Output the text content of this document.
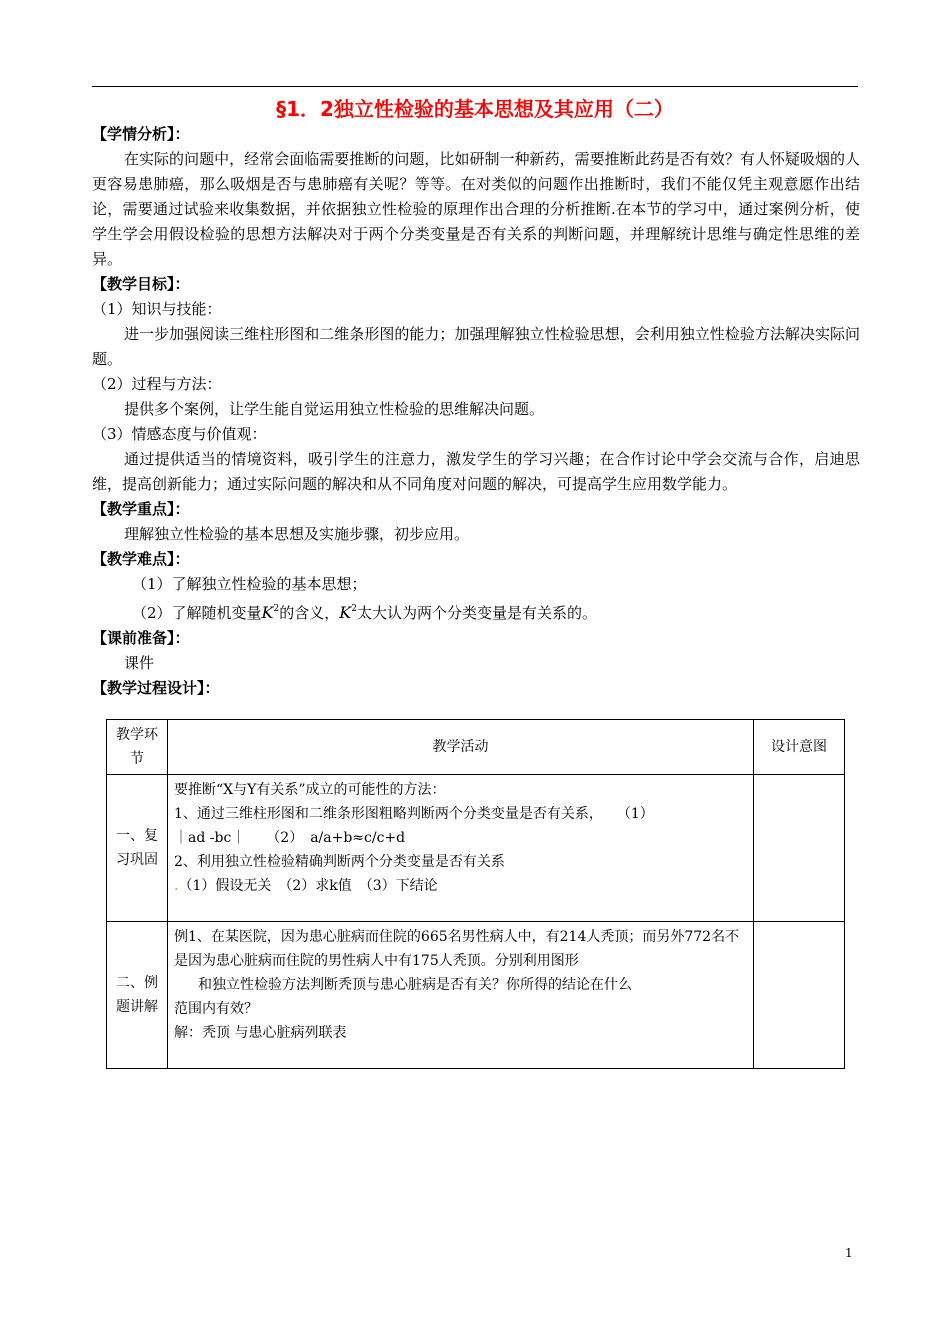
§1．2独立性检验的基本思想及其应用（二）

【学情分析】：

在实际的问题中，经常会面临需要推断的问题，比如研制一种新药，需要推断此药是否有效？有人怀疑吸烟的人更容易患肺癌，那么吸烟是否与患肺癌有关呢？等等。在对类似的问题作出推断时，我们不能仅凭主观意愿作出结论，需要通过试验来收集数据，并依据独立性检验的原理作出合理的分析推断.在本节的学习中，通过案例分析，使学生学会用假设检验的思想方法解决对于两个分类变量是否有关系的判断问题，并理解统计思维与确定性思维的差异。

【教学目标】：

（1）知识与技能：

进一步加强阅读三维柱形图和二维条形图的能力；加强理解独立性检验思想，会利用独立性检验方法解决实际问题。

（2）过程与方法：

提供多个案例，让学生能自觉运用独立性检验的思维解决问题。

（3）情感态度与价值观：

通过提供适当的情境资料，吸引学生的注意力，激发学生的学习兴趣；在合作讨论中学会交流与合作，启迪思维，提高创新能力；通过实际问题的解决和从不同角度对问题的解决，可提高学生应用数学能力。

【教学重点】：

理解独立性检验的基本思想及实施步骤，初步应用。

【教学难点】：

（1）了解独立性检验的基本思想；

（2）了解随机变量$K^2$的含义，$K^2$太大认为两个分类变量是有关系的。

【课前准备】：

课件

【教学过程设计】：

教学环节	教学活动	设计意图
一、复习巩固	要推断“X与Y有关系”成立的可能性的方法：
1、通过三维柱形图和二维条形图粗略判断两个分类变量是否有关系，　　（1）
｜ad -bc｜　　（2）　a/a+b≈c/c+d
2、利用独立性检验精确判断两个分类变量是否有关系
.（1）假设无关　（2）求k值　（3）下结论	

二、例题讲解	例1、在某医院，因为患心脏病而住院的665名男性病人中，有214人秃顶；而另外772名不是因为患心脏病而住院的男性病人中有175人秃顶。分别利用图形
和独立性检验方法判断秃顶与患心脏病是否有关？你所得的结论在什么
范围内有效？
解：秃顶 与患心脏病列联表	

1
